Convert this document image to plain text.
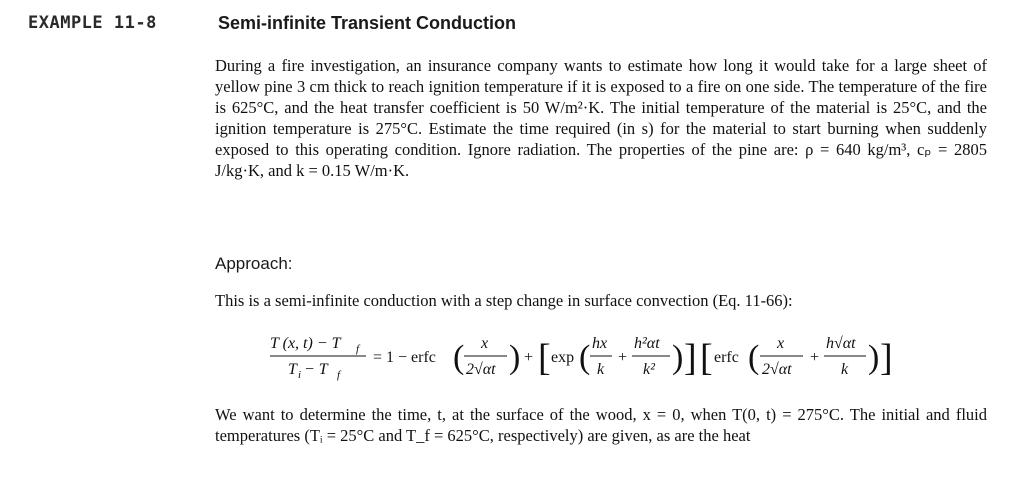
EXAMPLE 11-8	Semi-infinite Transient Conduction
During a fire investigation, an insurance company wants to estimate how long it would take for a large sheet of yellow pine 3 cm thick to reach ignition temperature if it is exposed to a fire on one side. The temperature of the fire is 625°C, and the heat transfer coefficient is 50 W/m²·K. The initial temperature of the material is 25°C, and the ignition temperature is 275°C. Estimate the time required (in s) for the material to start burning when suddenly exposed to this operating condition. Ignore radiation. The properties of the pine are: ρ = 640 kg/m³, cₚ = 2805 J/kg·K, and k = 0.15 W/m·K.
Approach:
This is a semi-infinite conduction with a step change in surface convection (Eq. 11-66):
T (x, t) − T f
T i − T f
= 1 − erfc ( x
2√αt ) + [ exp ( hx
k
+
h²αt
k² ) ] [ erfc ( x
2√αt
+
h√αt
k ) ]
We want to determine the time, t, at the surface of the wood, x = 0, when T(0, t) = 275°C. The initial and fluid temperatures (Tᵢ = 25°C and T_f = 625°C, respectively) are given, as are the heat
